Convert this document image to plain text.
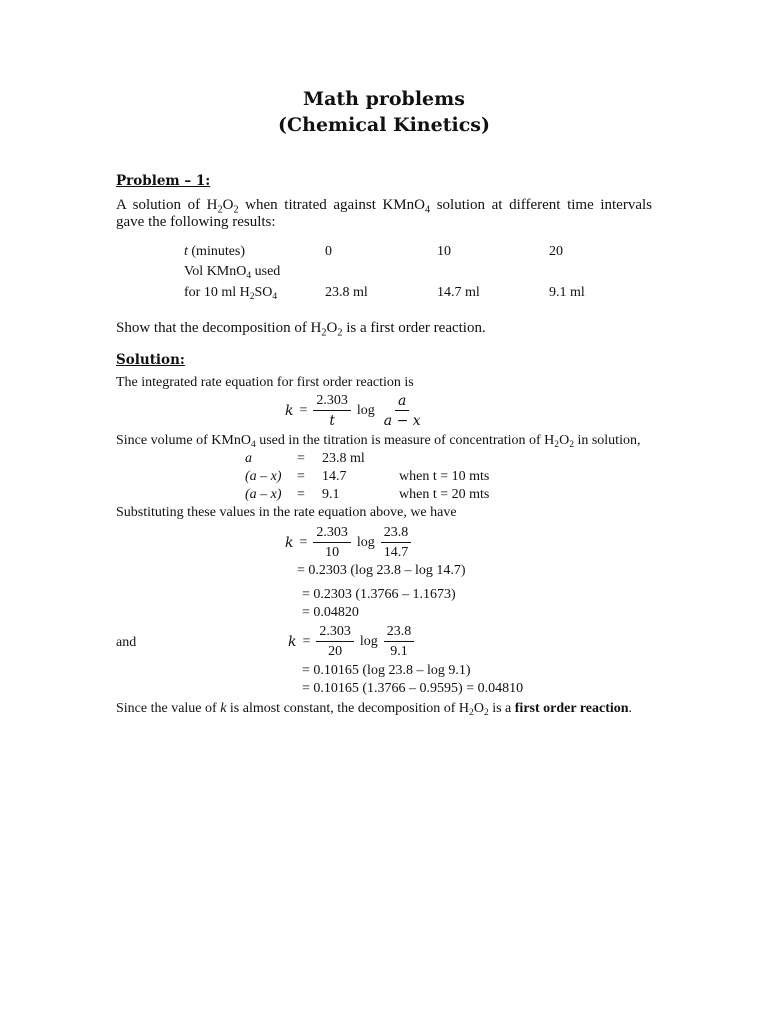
Math problems
(Chemical Kinetics)
Problem – 1:
A solution of $H_2O_2$ when titrated against KMnO$_4$ solution at different time intervals
gave the following results:
t (minutes)	0	10	20
Vol KMnO$_4$ used
for 10 ml $H_2SO_4$	23.8 ml	14.7 ml	9.1 ml
Show that the decomposition of $H_2O_2$ is a first order reaction.
Solution:
The integrated rate equation for first order reaction is
$k = \frac{2.303}{t}$ $\log \frac{a}{a - x}$
Since volume of KMnO$_4$ used in the titration is measure of concentration of $H_2O_2$ in solution,
a	= 23.8 ml
(a – x) = 14.7	when t = 10 mts
(a – x) = 9.1	when t = 20 mts
Substituting these values in the rate equation above, we have
$k = \frac{2.303}{10}$ $\log \frac{23.8}{14.7}$
= 0.2303 (log 23.8 – log 14.7)
= 0.2303 (1.3766 – 1.1673)
= 0.04820
and	$k = \frac{2.303}{20}$ $\log \frac{23.8}{9.1}$
= 0.10165 (log 23.8 – log 9.1)
= 0.10165 (1.3766 – 0.9595) = 0.04810
Since the value of k is almost constant, the decomposition of $H_2O_2$ is a first order reaction.
